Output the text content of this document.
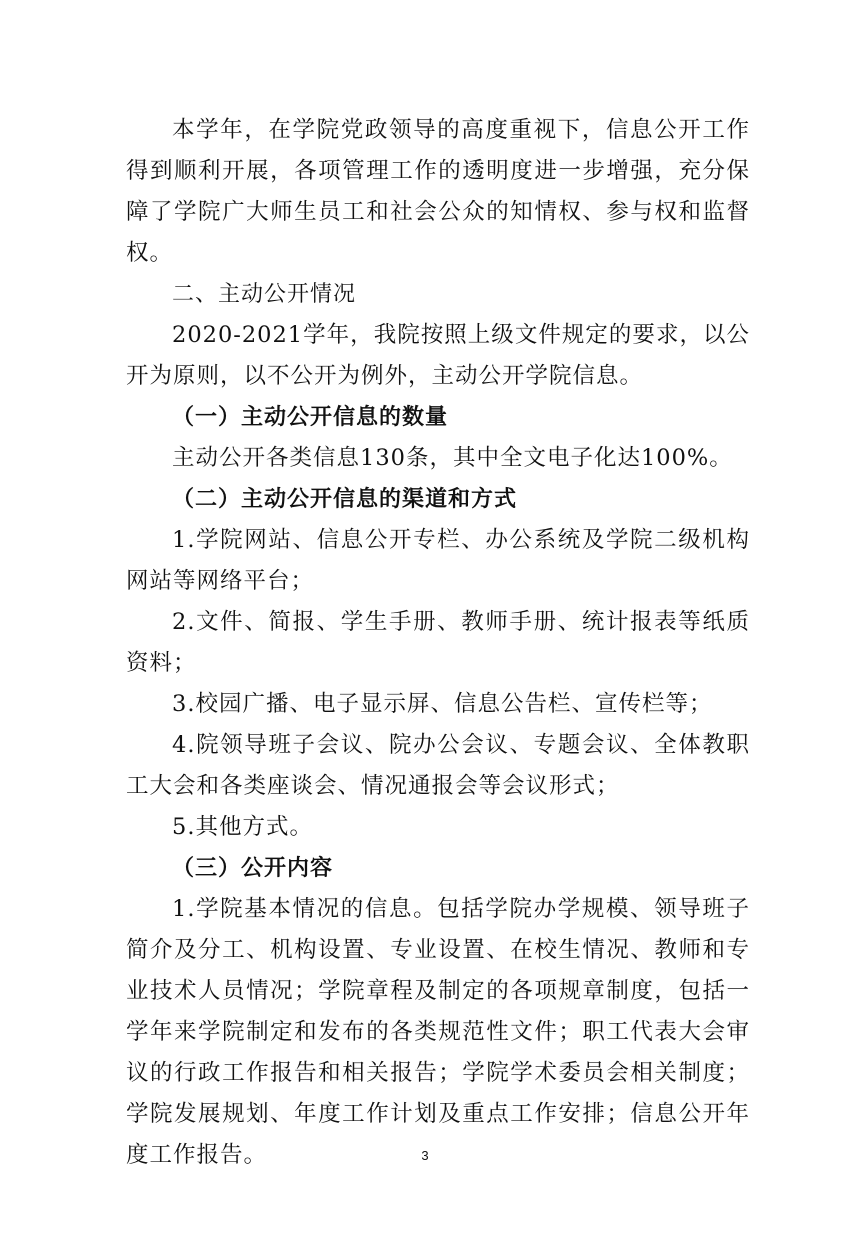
本学年，在学院党政领导的高度重视下，信息公开工作得到顺利开展，各项管理工作的透明度进一步增强，充分保障了学院广大师生员工和社会公众的知情权、参与权和监督权。

二、主动公开情况

2020-2021学年，我院按照上级文件规定的要求，以公开为原则，以不公开为例外，主动公开学院信息。

（一）主动公开信息的数量

主动公开各类信息130条，其中全文电子化达100%。

（二）主动公开信息的渠道和方式

1.学院网站、信息公开专栏、办公系统及学院二级机构网站等网络平台；

2.文件、简报、学生手册、教师手册、统计报表等纸质资料；

3.校园广播、电子显示屏、信息公告栏、宣传栏等；

4.院领导班子会议、院办公会议、专题会议、全体教职工大会和各类座谈会、情况通报会等会议形式；

5.其他方式。

（三）公开内容

1.学院基本情况的信息。包括学院办学规模、领导班子简介及分工、机构设置、专业设置、在校生情况、教师和专业技术人员情况；学院章程及制定的各项规章制度，包括一学年来学院制定和发布的各类规范性文件；职工代表大会审议的行政工作报告和相关报告；学院学术委员会相关制度；学院发展规划、年度工作计划及重点工作安排；信息公开年度工作报告。	3
